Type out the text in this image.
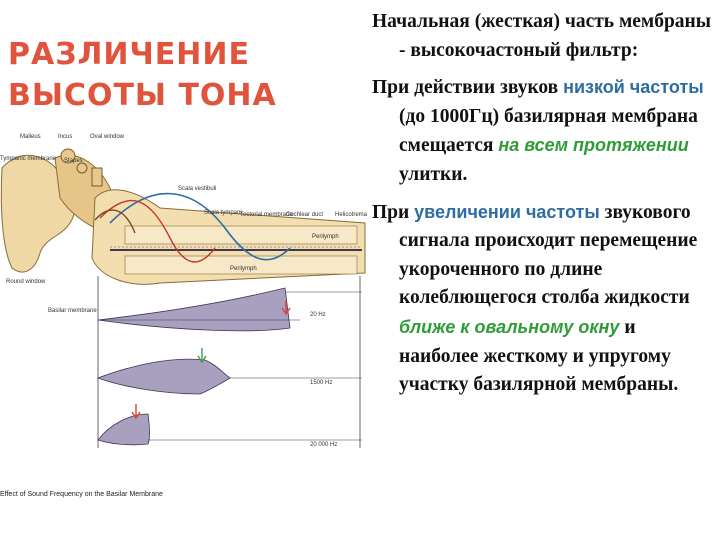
РАЗЛИЧЕНИЕ
ВЫСОТЫ ТОНА
Malleus	Incus	Oval window
Stapes
Tympanic membrane
Round window
Scala vestibuli
Scala tympani
Tectorial membrane
Cochlear duct Helicotrema
Perilymph
Perilymph
Basilar membrane
20 Hz
1500 Hz
20 000 Hz
Effect of Sound Frequency on the Basilar Membrane

Начальная (жесткая) часть мембраны - высокочастоный фильтр:

При действии звуков низкой частоты (до 1000Гц) базилярная мембрана смещается на всем протяжении улитки.

При увеличении частоты звукового сигнала происходит перемещение укороченного по длине колеблющегося столба жидкости ближе к овальному окну и наиболее жесткому и упругому участку базилярной мембраны.
